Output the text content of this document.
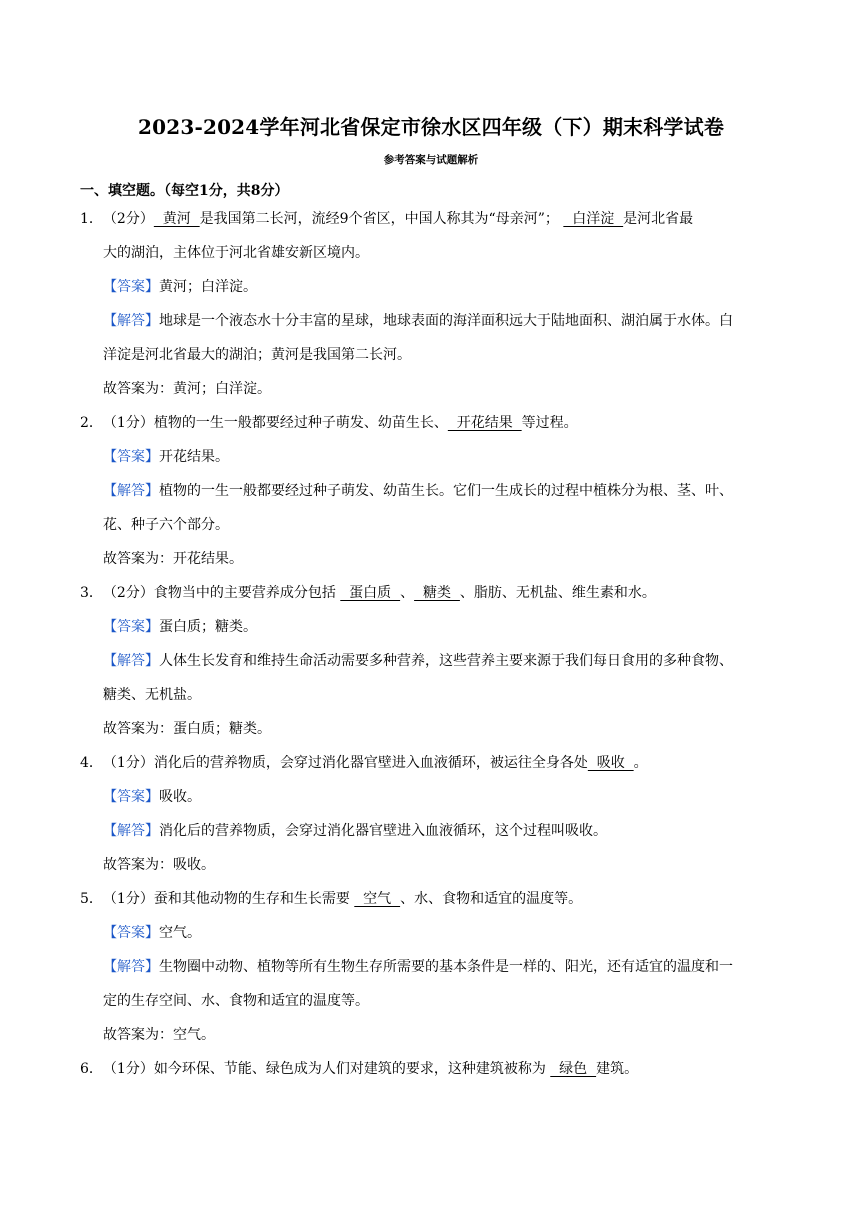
2023-2024学年河北省保定市徐水区四年级（下）期末科学试卷
参考答案与试题解析
一、填空题。（每空1分，共8分）

1．（2分）  黄河  是我国第二长河，流经9个省区，中国人称其为“母亲河”；   白洋淀  是河北省最

大的湖泊，主体位于河北省雄安新区境内。

【答案】黄河；白洋淀。

【解答】地球是一个液态水十分丰富的星球，地球表面的海洋面积远大于陆地面积、湖泊属于水体。白

洋淀是河北省最大的湖泊；黄河是我国第二长河。

故答案为：黄河；白洋淀。

2．（1分）植物的一生一般都要经过种子萌发、幼苗生长、  开花结果  等过程。

【答案】开花结果。

【解答】植物的一生一般都要经过种子萌发、幼苗生长。它们一生成长的过程中植株分为根、茎、叶、

花、种子六个部分。

故答案为：开花结果。

3．（2分）食物当中的主要营养成分包括   蛋白质  、  糖类  、脂肪、无机盐、维生素和水。

【答案】蛋白质；糖类。

【解答】人体生长发育和维持生命活动需要多种营养，这些营养主要来源于我们每日食用的多种食物、

糖类、无机盐。

故答案为：蛋白质；糖类。

4．（1分）消化后的营养物质，会穿过消化器官壁进入血液循环，被运往全身各处  吸收  。

【答案】吸收。

【解答】消化后的营养物质，会穿过消化器官壁进入血液循环，这个过程叫吸收。

故答案为：吸收。

5．（1分）蚕和其他动物的生存和生长需要   空气  、水、食物和适宜的温度等。

【答案】空气。

【解答】生物圈中动物、植物等所有生物生存所需要的基本条件是一样的、阳光，还有适宜的温度和一

定的生存空间、水、食物和适宜的温度等。

故答案为：空气。

6．（1分）如今环保、节能、绿色成为人们对建筑的要求，这种建筑被称为   绿色  建筑。
